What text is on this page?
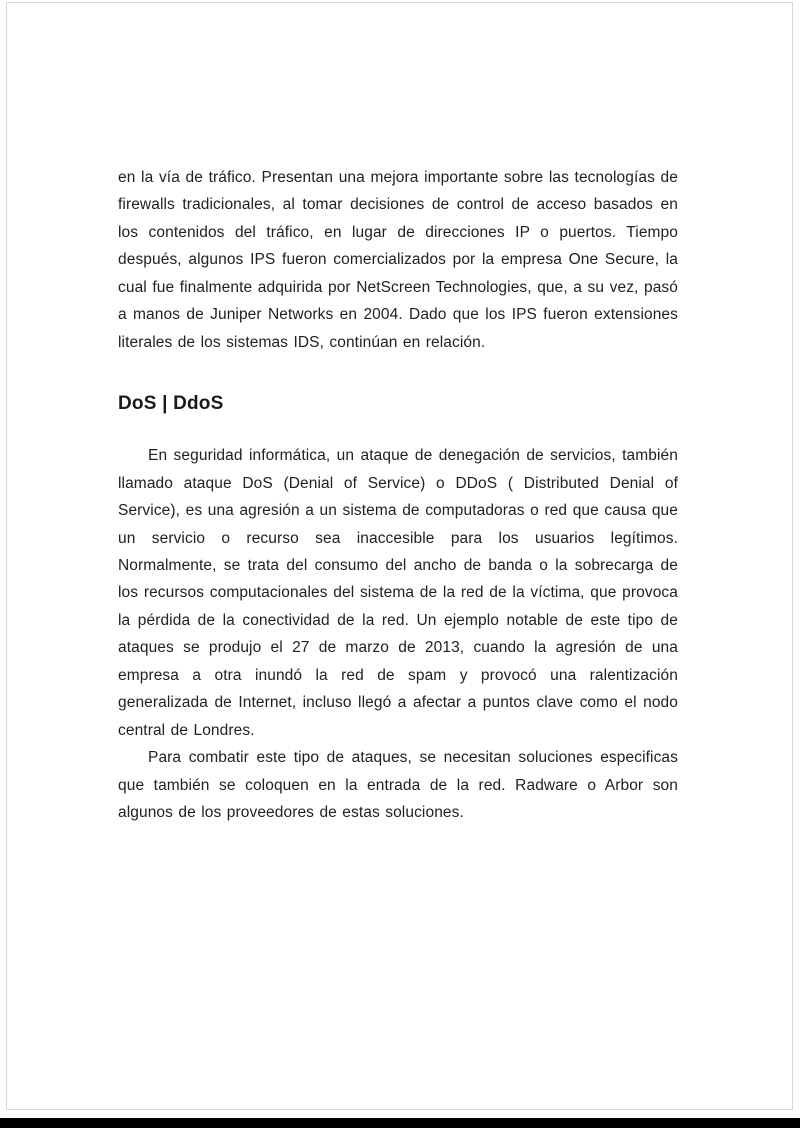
en la vía de tráfico. Presentan una mejora importante sobre las tecnologías de firewalls tradicionales, al tomar decisiones de control de acceso basados en los contenidos del tráfico, en lugar de direcciones IP o puertos. Tiempo después, algunos IPS fueron comercializados por la empresa One Secure, la cual fue finalmente adquirida por NetScreen Technologies, que, a su vez, pasó a manos de Juniper Networks en 2004. Dado que los IPS fueron extensiones literales de los sistemas IDS, continúan en relación.

DoS | DdoS

En seguridad informática, un ataque de denegación de servicios, también llamado ataque DoS (Denial of Service) o DDoS ( Distributed Denial of Service), es una agresión a un sistema de computadoras o red que causa que un servicio o recurso sea inaccesible para los usuarios legítimos. Normalmente, se trata del consumo del ancho de banda o la sobrecarga de los recursos computacionales del sistema de la red de la víctima, que provoca la pérdida de la conectividad de la red. Un ejemplo notable de este tipo de ataques se produjo el 27 de marzo de 2013, cuando la agresión de una empresa a otra inundó la red de spam y provocó una ralentización generalizada de Internet, incluso llegó a afectar a puntos clave como el nodo central de Londres.

Para combatir este tipo de ataques, se necesitan soluciones especificas que también se coloquen en la entrada de la red. Radware o Arbor son algunos de los proveedores de estas soluciones.
